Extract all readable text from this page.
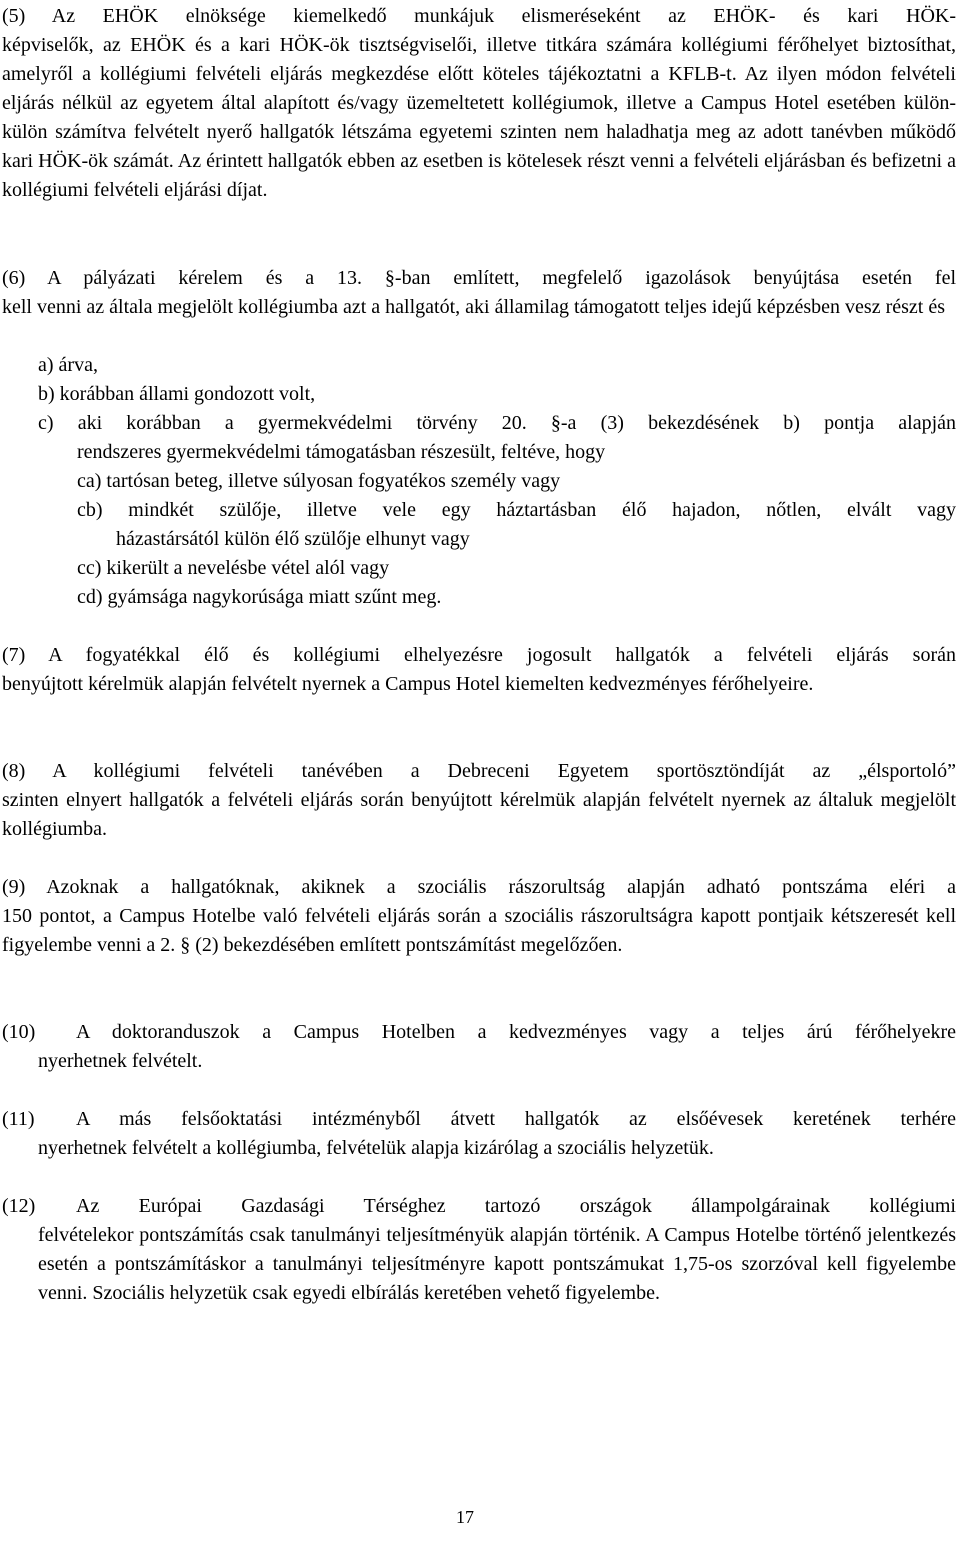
(5) Az EHÖK elnöksége kiemelkedő munkájuk elismeréseként az EHÖK- és kari HÖK-
képviselők, az EHÖK és a kari HÖK-ök tisztségviselői, illetve titkára számára kollégiumi férőhelyet biztosíthat, amelyről a kollégiumi felvételi eljárás megkezdése előtt köteles tájékoztatni a KFLB-t. Az ilyen módon felvételi eljárás nélkül az egyetem által alapított és/vagy üzemeltetett kollégiumok, illetve a Campus Hotel esetében külön-külön számítva felvételt nyerő hallgatók létszáma egyetemi szinten nem haladhatja meg az adott tanévben működő kari HÖK-ök számát. Az érintett hallgatók ebben az esetben is kötelesek részt venni a felvételi eljárásban és befizetni a kollégiumi felvételi eljárási díjat.
(6) A pályázati kérelem és a 13. §-ban említett, megfelelő igazolások benyújtása esetén fel
kell venni az általa megjelölt kollégiumba azt a hallgatót, aki államilag támogatott teljes idejű képzésben vesz részt és
a) árva,
b) korábban állami gondozott volt,
c) aki korábban a gyermekvédelmi törvény 20. §-a (3) bekezdésének b) pontja alapján
rendszeres gyermekvédelmi támogatásban részesült, feltéve, hogy
ca) tartósan beteg, illetve súlyosan fogyatékos személy vagy
cb) mindkét szülője, illetve vele egy háztartásban élő hajadon, nőtlen, elvált vagy
házastársától külön élő szülője elhunyt vagy
cc) kikerült a nevelésbe vétel alól vagy
cd) gyámsága nagykorúsága miatt szűnt meg.
(7) A fogyatékkal élő és kollégiumi elhelyezésre jogosult hallgatók a felvételi eljárás során
benyújtott kérelmük alapján felvételt nyernek a Campus Hotel kiemelten kedvezményes férőhelyeire.
(8) A kollégiumi felvételi tanévében a Debreceni Egyetem sportösztöndíját az „élsportoló”
szinten elnyert hallgatók a felvételi eljárás során benyújtott kérelmük alapján felvételt nyernek az általuk megjelölt kollégiumba.
(9) Azoknak a hallgatóknak, akiknek a szociális rászorultság alapján adható pontszáma eléri a
150 pontot, a Campus Hotelbe való felvételi eljárás során a szociális rászorultságra kapott pontjaik kétszeresét kell figyelembe venni a 2. § (2) bekezdésében említett pontszámítást megelőzően.
(10)	A doktoranduszok a Campus Hotelben a kedvezményes vagy a teljes árú férőhelyekre
nyerhetnek felvételt.
(11)	A más felsőoktatási intézményből átvett hallgatók az elsőévesek keretének terhére
nyerhetnek felvételt a kollégiumba, felvételük alapja kizárólag a szociális helyzetük.
(12)	Az Európai Gazdasági Térséghez tartozó országok állampolgárainak kollégiumi
felvételekor pontszámítás csak tanulmányi teljesítményük alapján történik. A Campus Hotelbe történő jelentkezés esetén a pontszámításkor a tanulmányi teljesítményre kapott pontszámukat 1,75-os szorzóval kell figyelembe venni. Szociális helyzetük csak egyedi elbírálás keretében vehető figyelembe.
17
